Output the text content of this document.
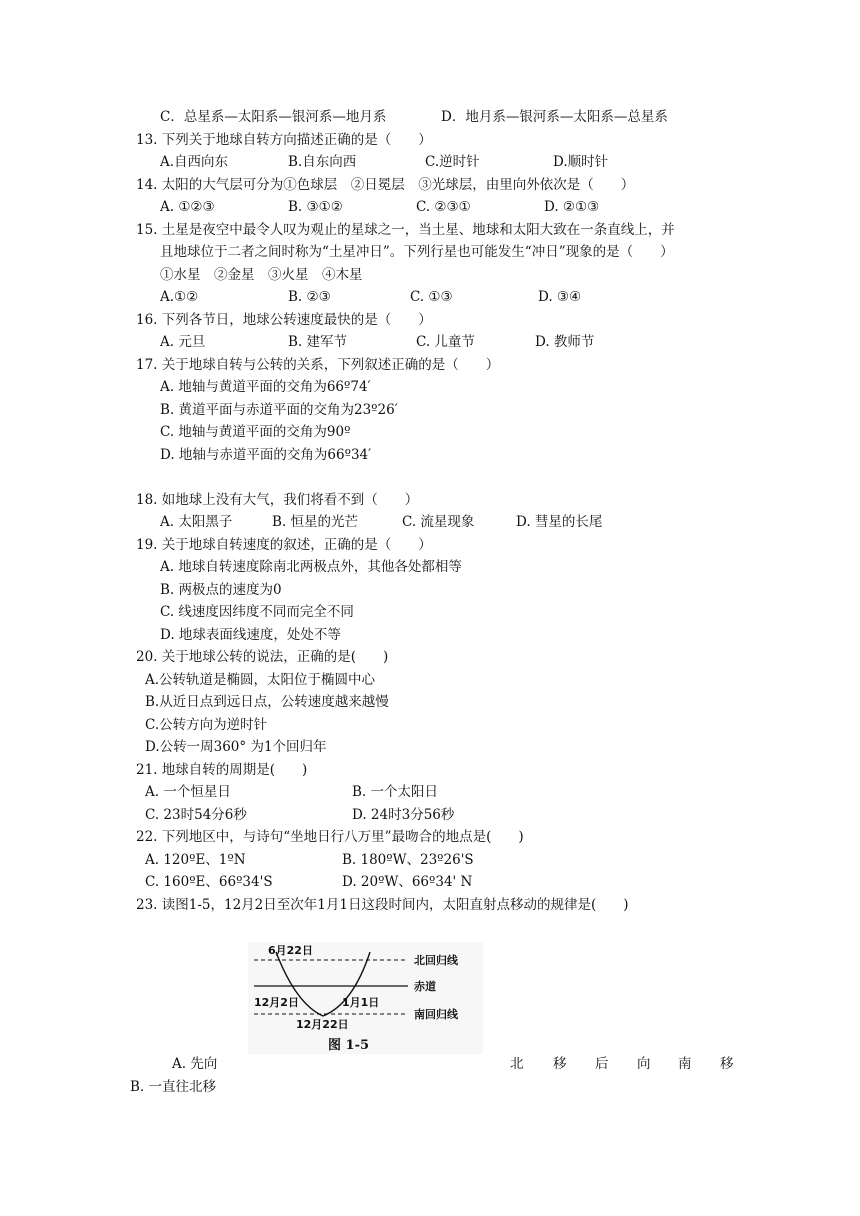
C．总星系—太阳系—银河系—地月系	D．地月系—银河系—太阳系—总星系
13. 下列关于地球自转方向描述正确的是（　　）
A.自西向东	B.自东向西	C.逆时针	D.顺时针
14. 太阳的大气层可分为①色球层　②日冕层　③光球层，由里向外依次是（　　）
A. ①②③	B. ③①②	C. ②③①	D. ②①③
15. 土星是夜空中最令人叹为观止的星球之一，当土星、地球和太阳大致在一条直线上，并
且地球位于二者之间时称为“土星冲日”。下列行星也可能发生“冲日”现象的是（　　）
①水星　②金星　③火星　④木星
A.①②	B. ②③	C. ①③	D. ③④
16. 下列各节日，地球公转速度最快的是（　　）
A. 元旦	B. 建军节	C. 儿童节	D. 教师节
17. 关于地球自转与公转的关系，下列叙述正确的是（　　）
A. 地轴与黄道平面的交角为66º74′
B. 黄道平面与赤道平面的交角为23º26′
C. 地轴与黄道平面的交角为90º
D. 地轴与赤道平面的交角为66º34′
18. 如地球上没有大气，我们将看不到（　　）
A. 太阳黑子	B. 恒星的光芒	C. 流星现象	D. 彗星的长尾
19. 关于地球自转速度的叙述，正确的是（　　）
A. 地球自转速度除南北两极点外，其他各处都相等
B. 两极点的速度为0
C. 线速度因纬度不同而完全不同
D. 地球表面线速度，处处不等
20. 关于地球公转的说法，正确的是(　　)
A.公转轨道是椭圆，太阳位于椭圆中心
B.从近日点到远日点，公转速度越来越慢
C.公转方向为逆时针
D.公转一周360° 为1个回归年
21. 地球自转的周期是(　　)
A. 一个恒星日	B. 一个太阳日
C. 23时54分6秒	D. 24时3分56秒
22. 下列地区中，与诗句“坐地日行八万里”最吻合的地点是(　　)
A. 120ºE、1ºN	B. 180ºW、23º26'S
C. 160ºE、66º34'S	D. 20ºW、66º34' N
23. 读图1-5，12月2日至次年1月1日这段时间内，太阳直射点移动的规律是(　　)
6月22日
北回归线
赤道
12月2日	1月1日
南回归线
12月22日
图 1-5
A. 先向	北 移 后 向 南 移
B. 一直往北移
